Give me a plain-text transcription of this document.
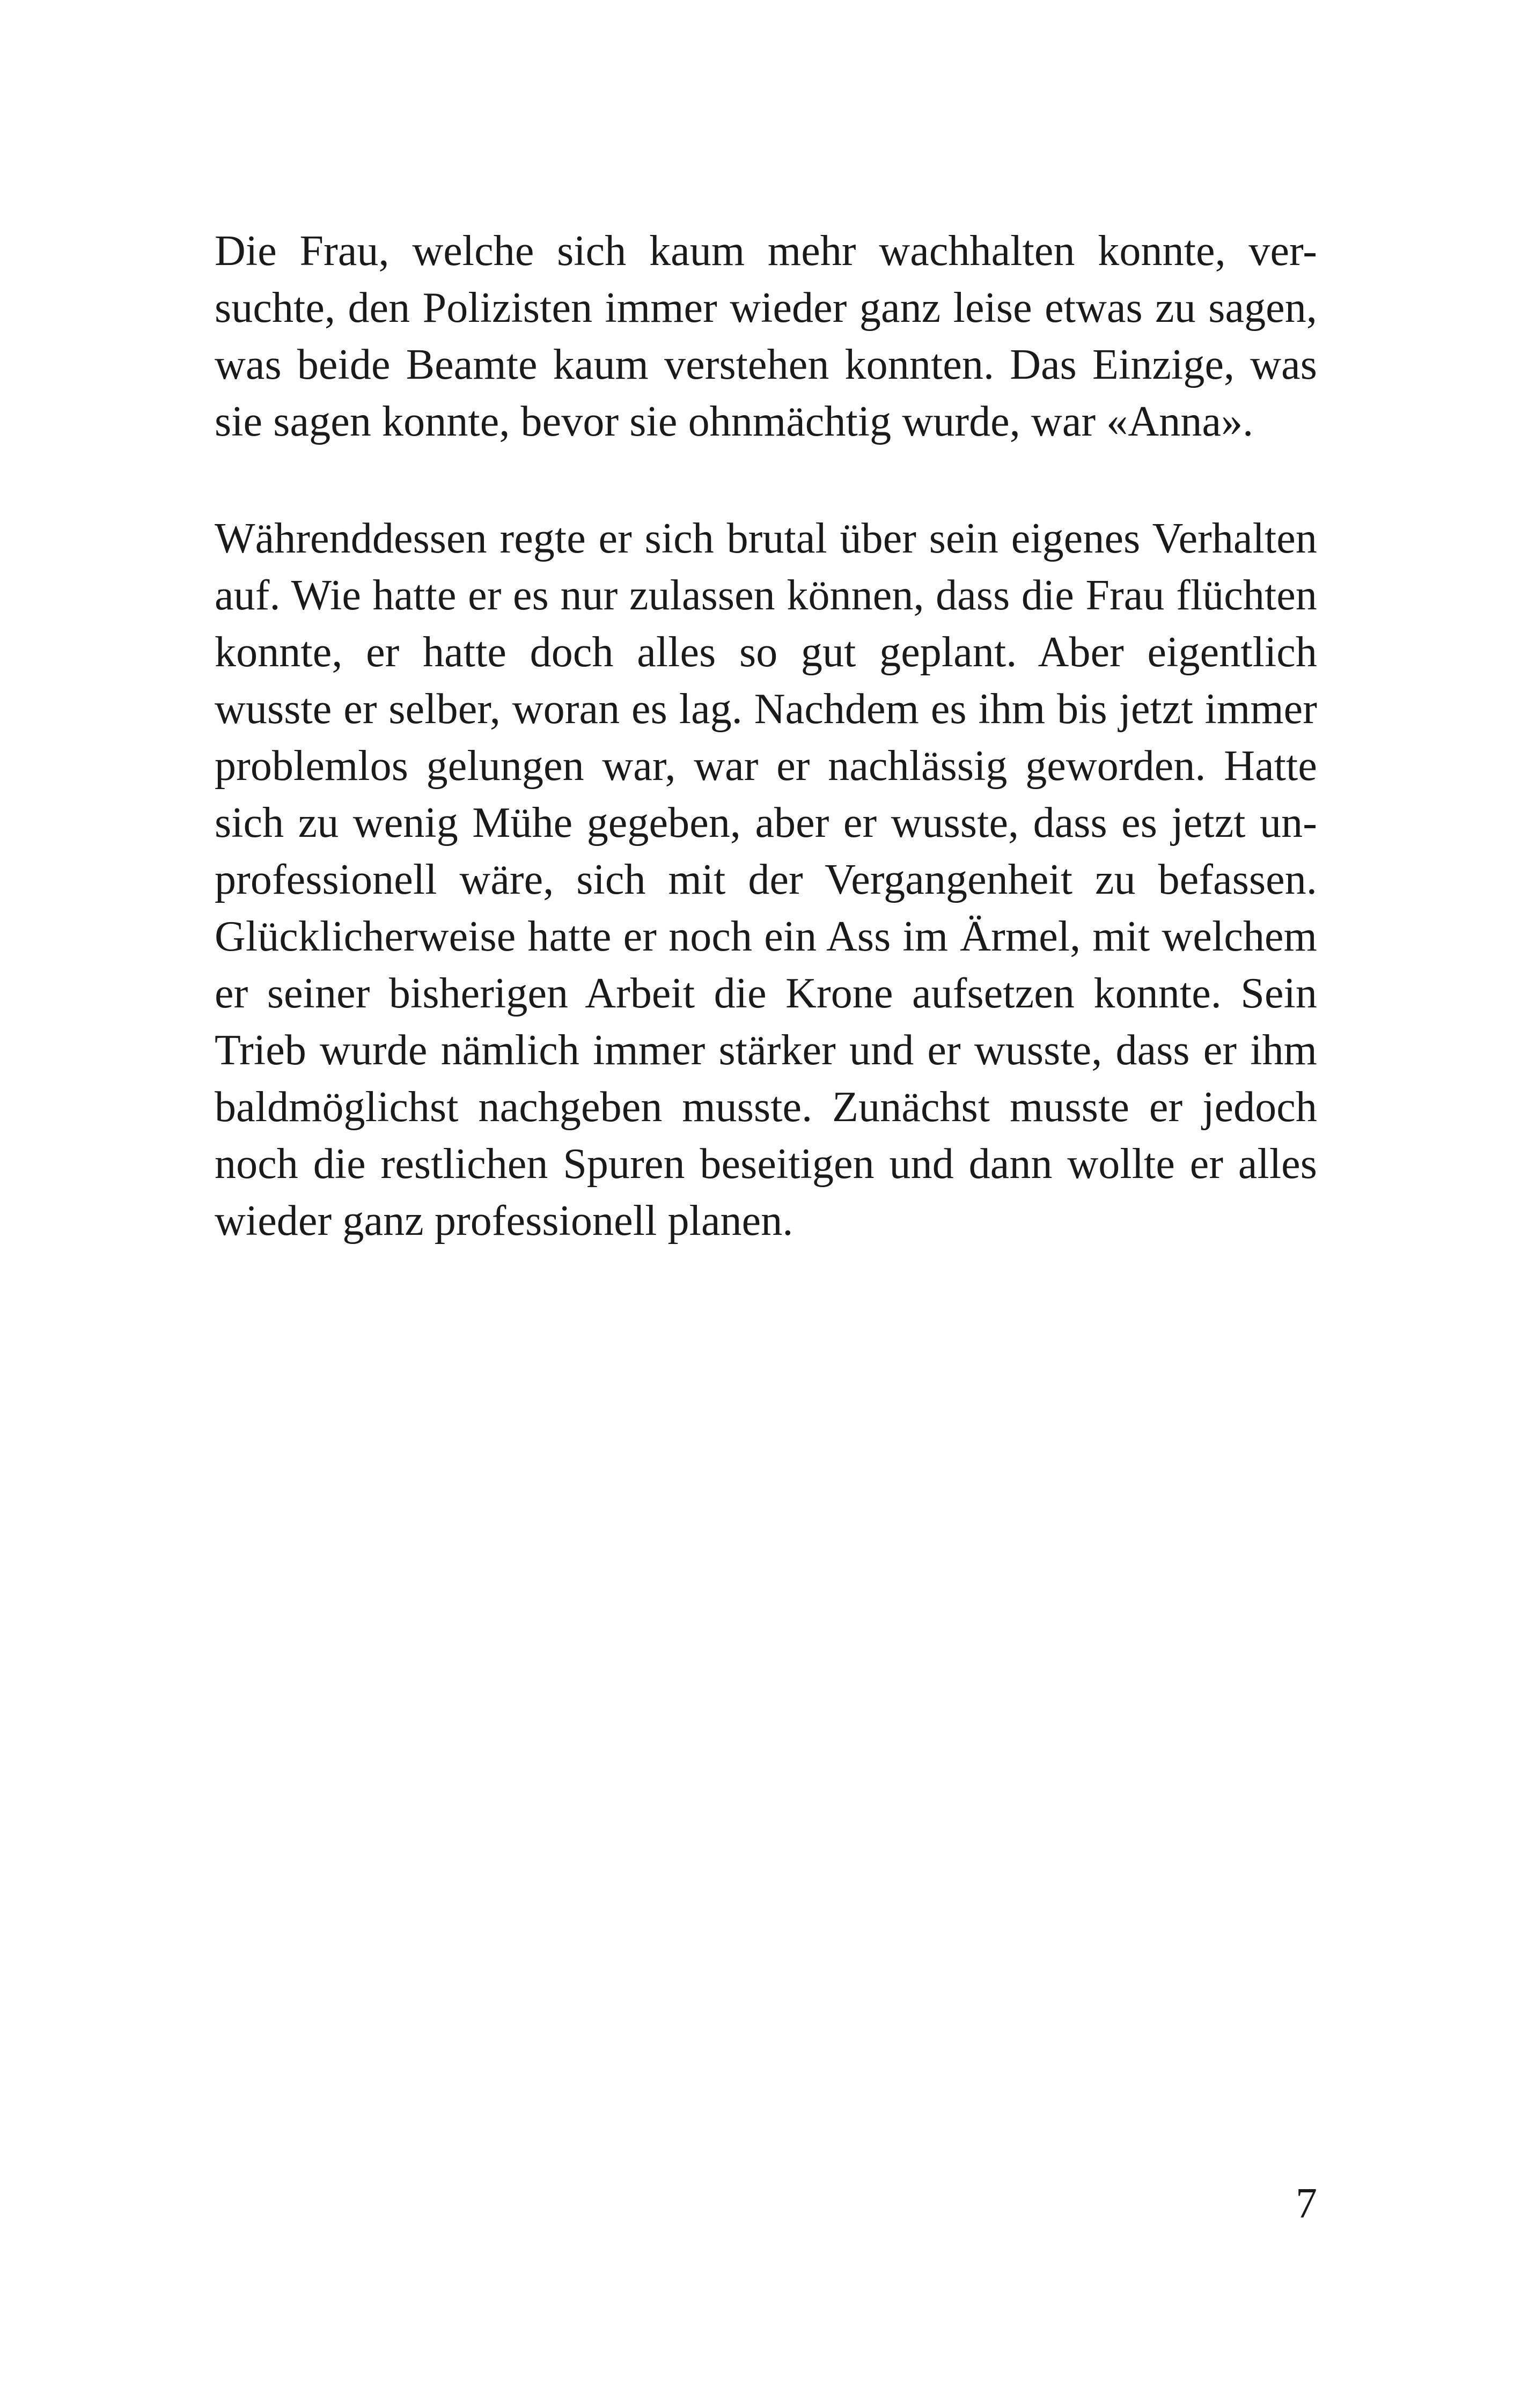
Die Frau, welche sich kaum mehr wachhalten konnte, ver-
suchte, den Polizisten immer wieder ganz leise etwas zu sagen,
was beide Beamte kaum verstehen konnten. Das Einzige, was
sie sagen konnte, bevor sie ohnmächtig wurde, war «Anna».
Währenddessen regte er sich brutal über sein eigenes Verhalten
auf. Wie hatte er es nur zulassen können, dass die Frau flüchten
konnte, er hatte doch alles so gut geplant. Aber eigentlich
wusste er selber, woran es lag. Nachdem es ihm bis jetzt immer
problemlos gelungen war, war er nachlässig geworden. Hatte
sich zu wenig Mühe gegeben, aber er wusste, dass es jetzt un-
professionell wäre, sich mit der Vergangenheit zu befassen.
Glücklicherweise hatte er noch ein Ass im Ärmel, mit welchem
er seiner bisherigen Arbeit die Krone aufsetzen konnte. Sein
Trieb wurde nämlich immer stärker und er wusste, dass er ihm
baldmöglichst nachgeben musste. Zunächst musste er jedoch
noch die restlichen Spuren beseitigen und dann wollte er alles
wieder ganz professionell planen.
7
